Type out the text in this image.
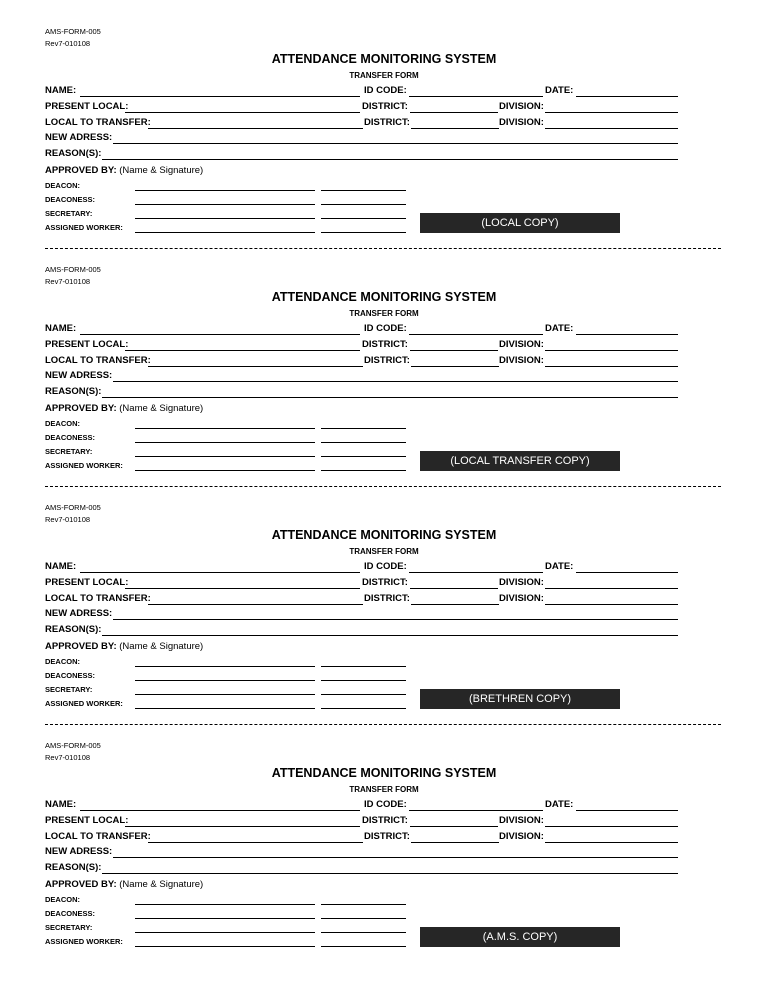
AMS-FORM-005
Rev7-010108
ATTENDANCE MONITORING SYSTEM
TRANSFER FORM
NAME:	ID CODE:	DATE:
PRESENT LOCAL:	DISTRICT:	DIVISION:
LOCAL TO TRANSFER:	DISTRICT:	DIVISION:
NEW ADRESS:
REASON(S):
APPROVED BY: (Name & Signature)
DEACON:
DEACONESS:
SECRETARY:
ASSIGNED WORKER:	(LOCAL COPY)
AMS-FORM-005
Rev7-010108
ATTENDANCE MONITORING SYSTEM
TRANSFER FORM
NAME:	ID CODE:	DATE:
PRESENT LOCAL:	DISTRICT:	DIVISION:
LOCAL TO TRANSFER:	DISTRICT:	DIVISION:
NEW ADRESS:
REASON(S):
APPROVED BY: (Name & Signature)
DEACON:
DEACONESS:
SECRETARY:
ASSIGNED WORKER:	(LOCAL TRANSFER COPY)
AMS-FORM-005
Rev7-010108
ATTENDANCE MONITORING SYSTEM
TRANSFER FORM
NAME:	ID CODE:	DATE:
PRESENT LOCAL:	DISTRICT:	DIVISION:
LOCAL TO TRANSFER:	DISTRICT:	DIVISION:
NEW ADRESS:
REASON(S):
APPROVED BY: (Name & Signature)
DEACON:
DEACONESS:
SECRETARY:
ASSIGNED WORKER:	(BRETHREN COPY)
AMS-FORM-005
Rev7-010108
ATTENDANCE MONITORING SYSTEM
TRANSFER FORM
NAME:	ID CODE:	DATE:
PRESENT LOCAL:	DISTRICT:	DIVISION:
LOCAL TO TRANSFER:	DISTRICT:	DIVISION:
NEW ADRESS:
REASON(S):
APPROVED BY: (Name & Signature)
DEACON:
DEACONESS:
SECRETARY:
ASSIGNED WORKER:	(A.M.S. COPY)
